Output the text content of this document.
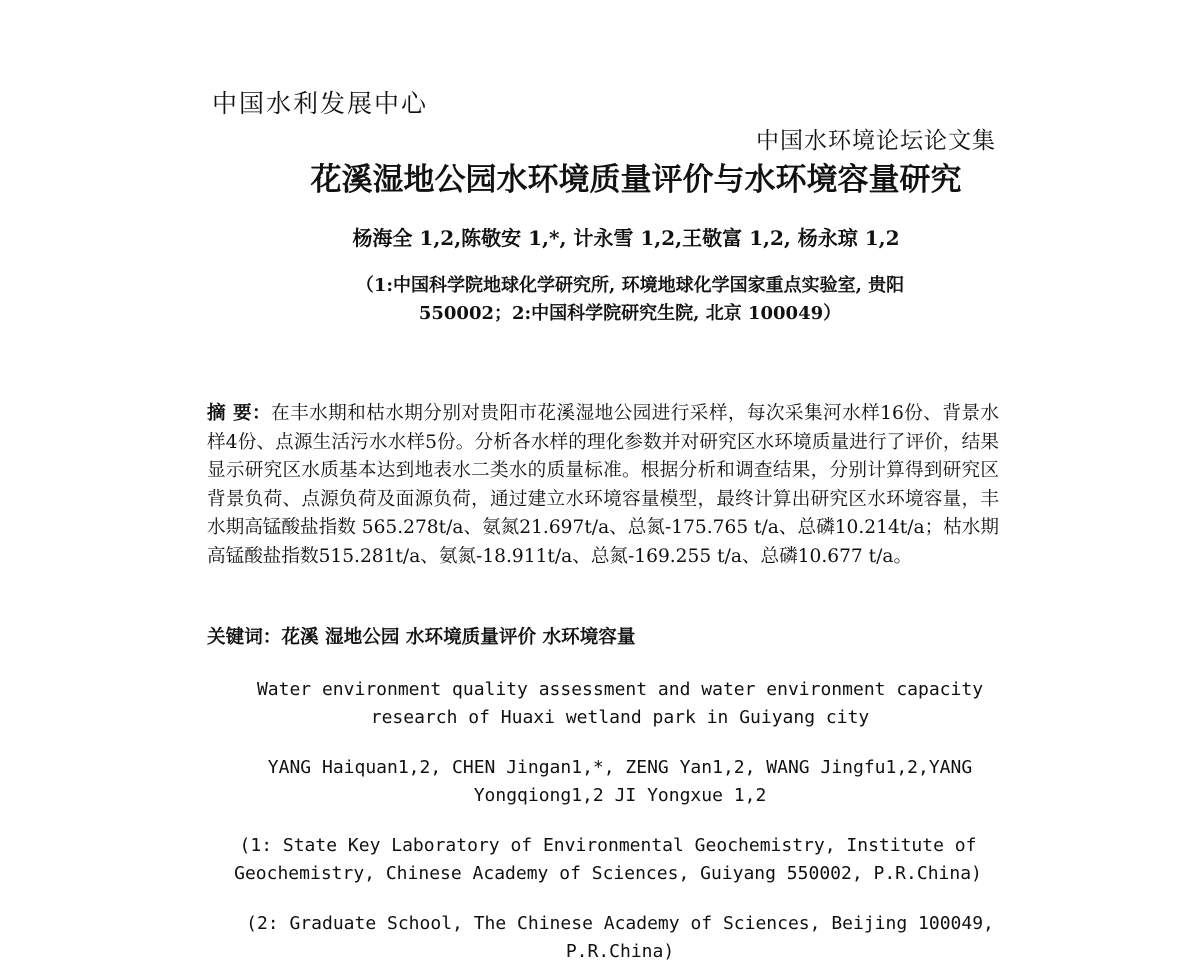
中国水利发展中心
中国水环境论坛论文集
花溪湿地公园水环境质量评价与水环境容量研究
杨海全 1,2,陈敬安 1,*, 计永雪 1,2,王敬富 1,2, 杨永琼 1,2
（1:中国科学院地球化学研究所, 环境地球化学国家重点实验室, 贵阳
550002；2:中国科学院研究生院, 北京 100049）
摘 要：在丰水期和枯水期分别对贵阳市花溪湿地公园进行采样，每次采集河水样16份、背景水样4份、点源生活污水水样5份。分析各水样的理化参数并对研究区水环境质量进行了评价，结果显示研究区水质基本达到地表水二类水的质量标准。根据分析和调查结果，分别计算得到研究区背景负荷、点源负荷及面源负荷，通过建立水环境容量模型，最终计算出研究区水环境容量，丰水期高锰酸盐指数 565.278t/a、氨氮21.697t/a、总氮-175.765 t/a、总磷10.214t/a；枯水期高锰酸盐指数515.281t/a、氨氮-18.911t/a、总氮-169.255 t/a、总磷10.677 t/a。
关键词：花溪 湿地公园 水环境质量评价 水环境容量
Water environment quality assessment and water environment capacity
research of Huaxi wetland park in Guiyang city
YANG Haiquan1,2, CHEN Jingan1,*, ZENG Yan1,2, WANG Jingfu1,2,YANG
Yongqiong1,2 JI Yongxue 1,2
(1: State Key Laboratory of Environmental Geochemistry, Institute of
Geochemistry, Chinese Academy of Sciences, Guiyang 550002, P.R.China)
(2: Graduate School, The Chinese Academy of Sciences, Beijing 100049,
P.R.China)
